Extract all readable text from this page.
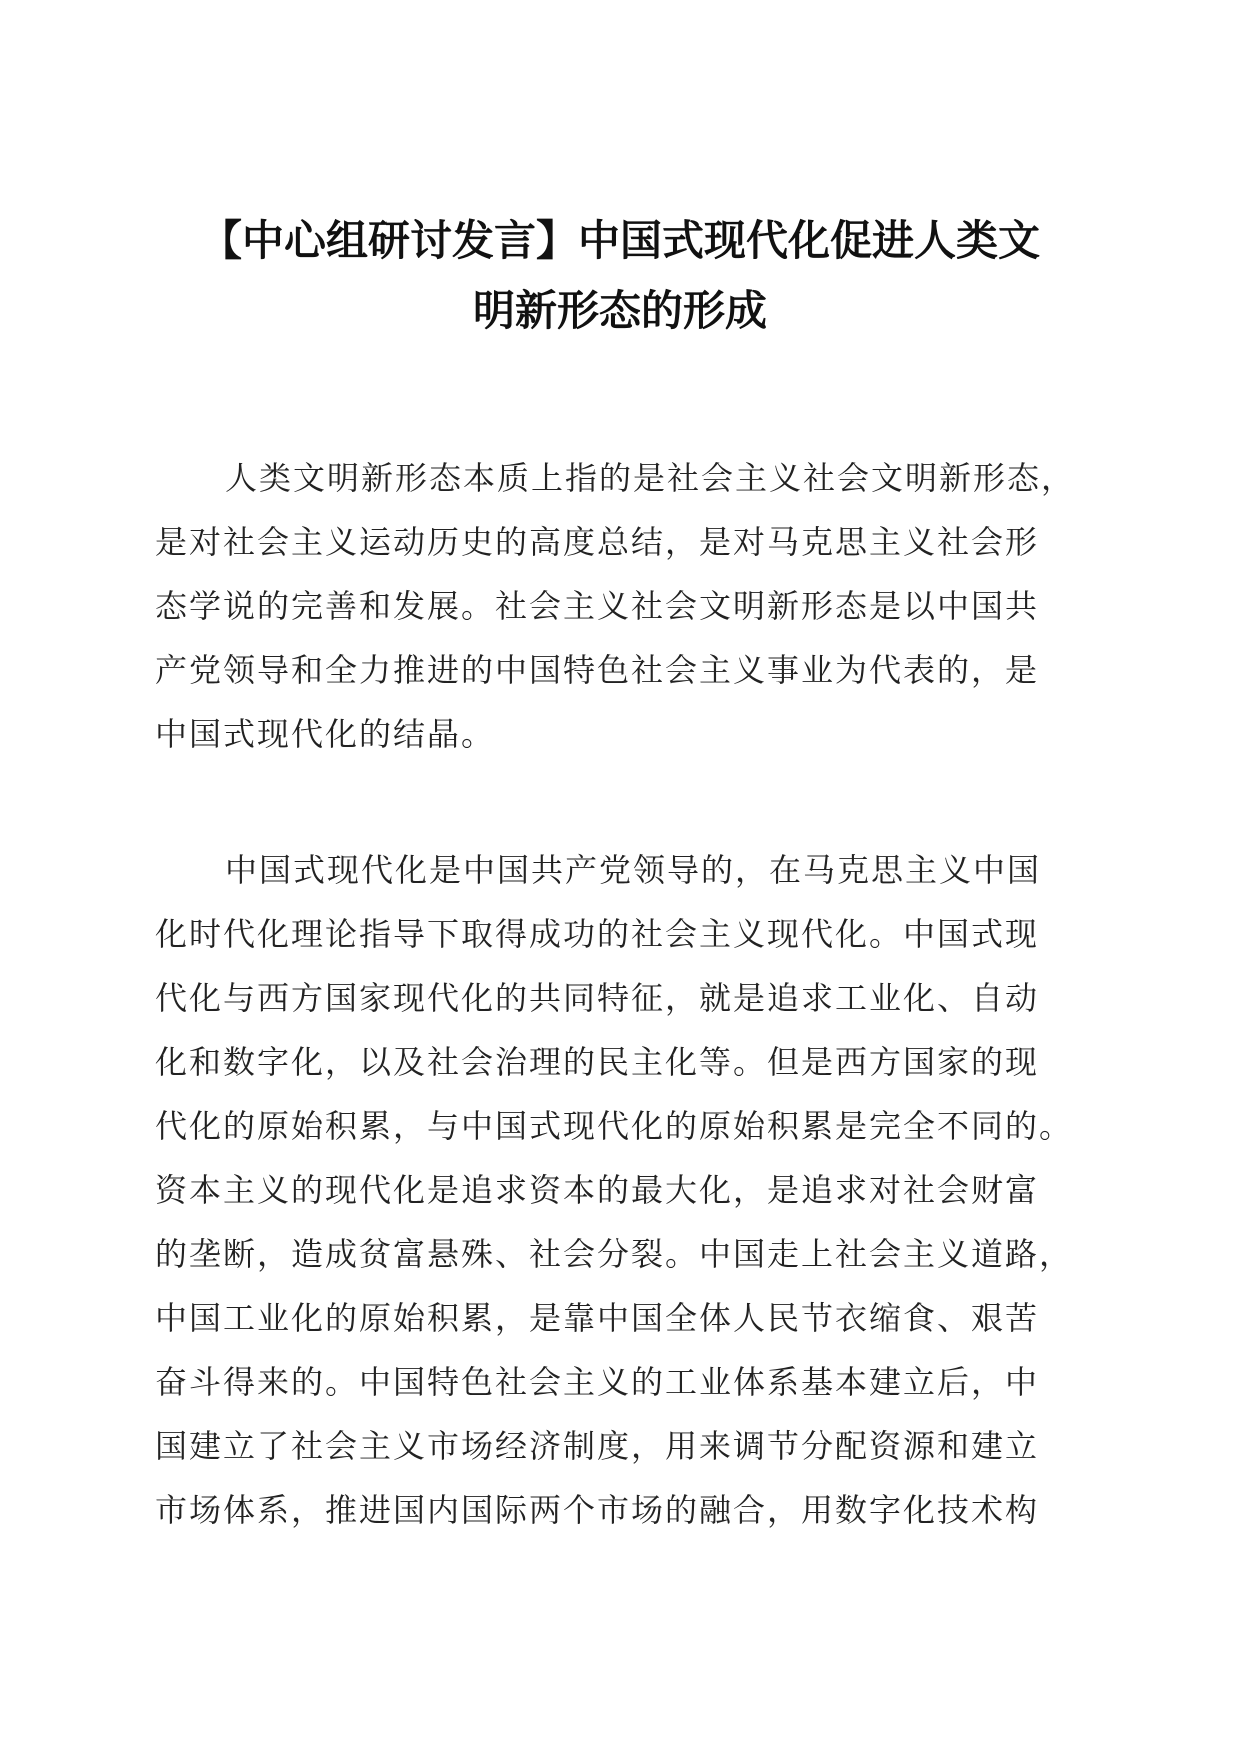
【中心组研讨发言】中国式现代化促进人类文
明新形态的形成
人类文明新形态本质上指的是社会主义社会文明新形态，
是对社会主义运动历史的高度总结，是对马克思主义社会形
态学说的完善和发展。社会主义社会文明新形态是以中国共
产党领导和全力推进的中国特色社会主义事业为代表的，是
中国式现代化的结晶。
中国式现代化是中国共产党领导的，在马克思主义中国
化时代化理论指导下取得成功的社会主义现代化。中国式现
代化与西方国家现代化的共同特征，就是追求工业化、自动
化和数字化，以及社会治理的民主化等。但是西方国家的现
代化的原始积累，与中国式现代化的原始积累是完全不同的。
资本主义的现代化是追求资本的最大化，是追求对社会财富
的垄断，造成贫富悬殊、社会分裂。中国走上社会主义道路，
中国工业化的原始积累，是靠中国全体人民节衣缩食、艰苦
奋斗得来的。中国特色社会主义的工业体系基本建立后，中
国建立了社会主义市场经济制度，用来调节分配资源和建立
市场体系，推进国内国际两个市场的融合，用数字化技术构
